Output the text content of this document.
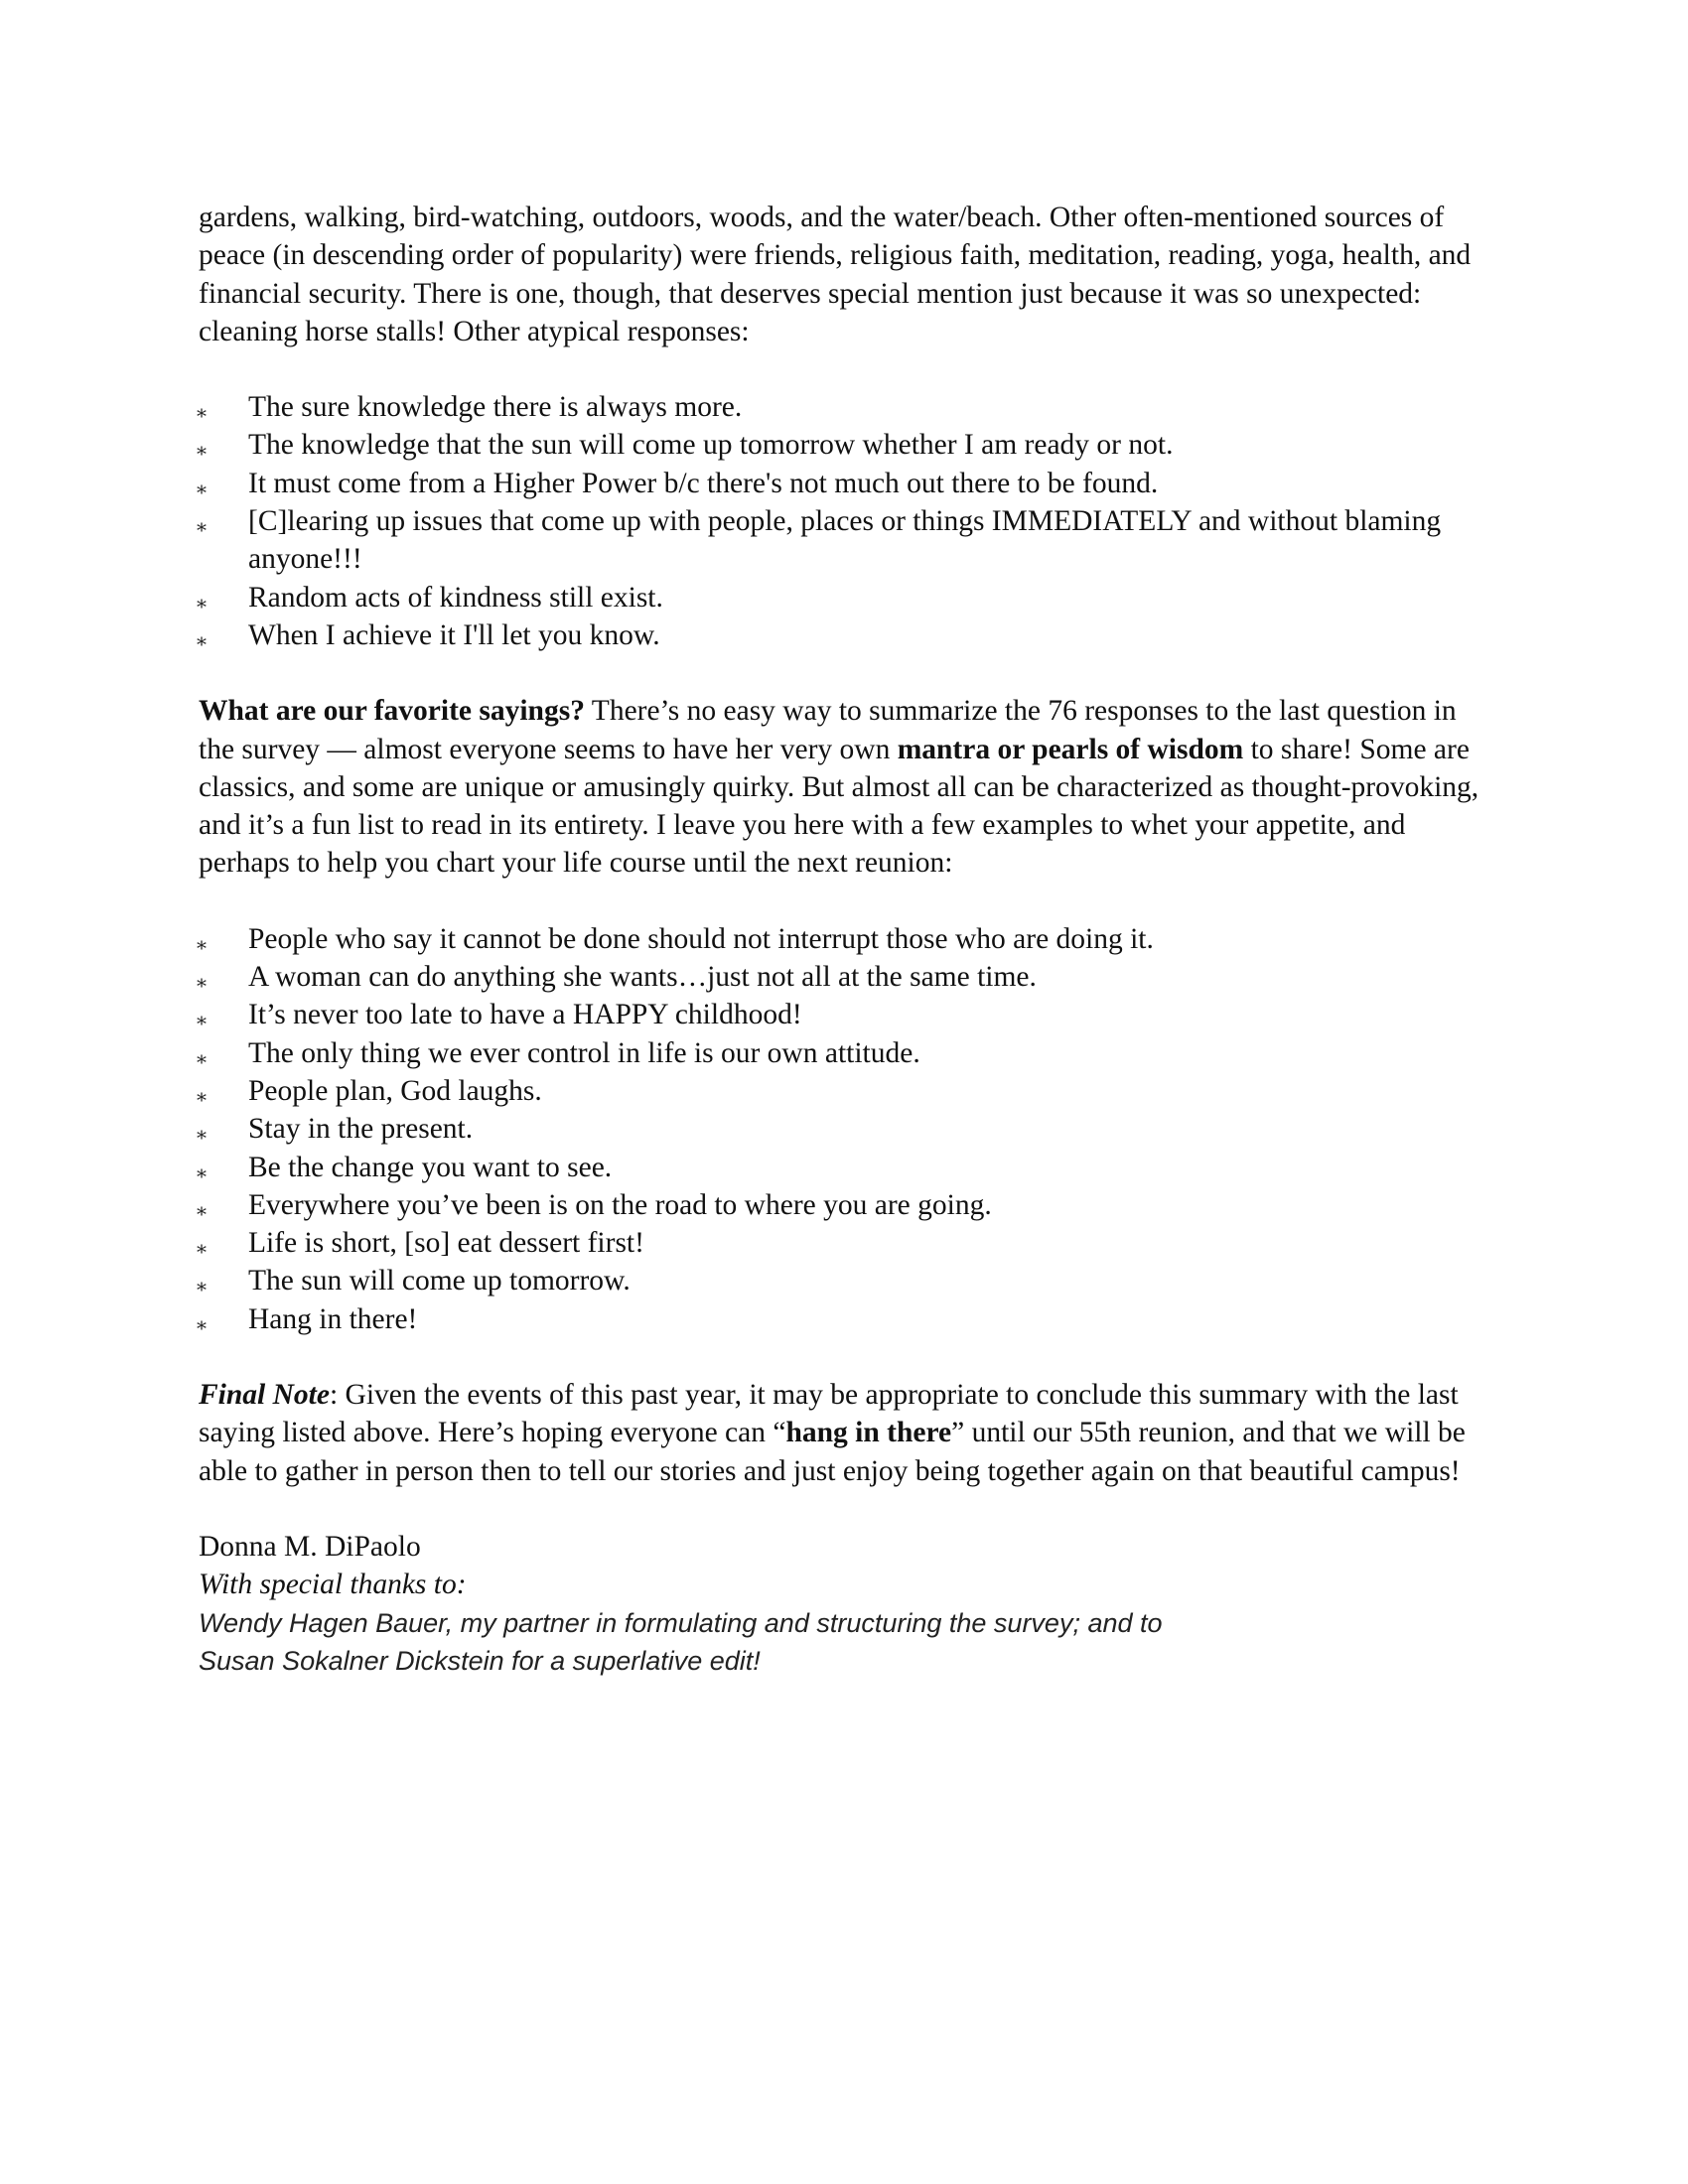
gardens, walking, bird-watching, outdoors, woods, and the water/beach. Other often-mentioned sources of peace (in descending order of popularity) were friends, religious faith, meditation, reading, yoga, health, and financial security. There is one, though, that deserves special mention just because it was so unexpected: cleaning horse stalls! Other atypical responses:

⁎ The sure knowledge there is always more.
⁎ The knowledge that the sun will come up tomorrow whether I am ready or not.
⁎ It must come from a Higher Power b/c there's not much out there to be found.
⁎ [C]learing up issues that come up with people, places or things IMMEDIATELY and without blaming anyone!!!
⁎ Random acts of kindness still exist.
⁎ When I achieve it I'll let you know.

What are our favorite sayings? There’s no easy way to summarize the 76 responses to the last question in the survey — almost everyone seems to have her very own mantra or pearls of wisdom to share! Some are classics, and some are unique or amusingly quirky. But almost all can be characterized as thought-provoking, and it’s a fun list to read in its entirety. I leave you here with a few examples to whet your appetite, and perhaps to help you chart your life course until the next reunion:

⁎ People who say it cannot be done should not interrupt those who are doing it.
⁎ A woman can do anything she wants…just not all at the same time.
⁎ It’s never too late to have a HAPPY childhood!
⁎ The only thing we ever control in life is our own attitude.
⁎ People plan, God laughs.
⁎ Stay in the present.
⁎ Be the change you want to see.
⁎ Everywhere you’ve been is on the road to where you are going.
⁎ Life is short, [so] eat dessert first!
⁎ The sun will come up tomorrow.
⁎ Hang in there!

Final Note: Given the events of this past year, it may be appropriate to conclude this summary with the last saying listed above. Here’s hoping everyone can “hang in there” until our 55th reunion, and that we will be able to gather in person then to tell our stories and just enjoy being together again on that beautiful campus!

Donna M. DiPaolo
With special thanks to:
Wendy Hagen Bauer, my partner in formulating and structuring the survey; and to
Susan Sokalner Dickstein for a superlative edit!
